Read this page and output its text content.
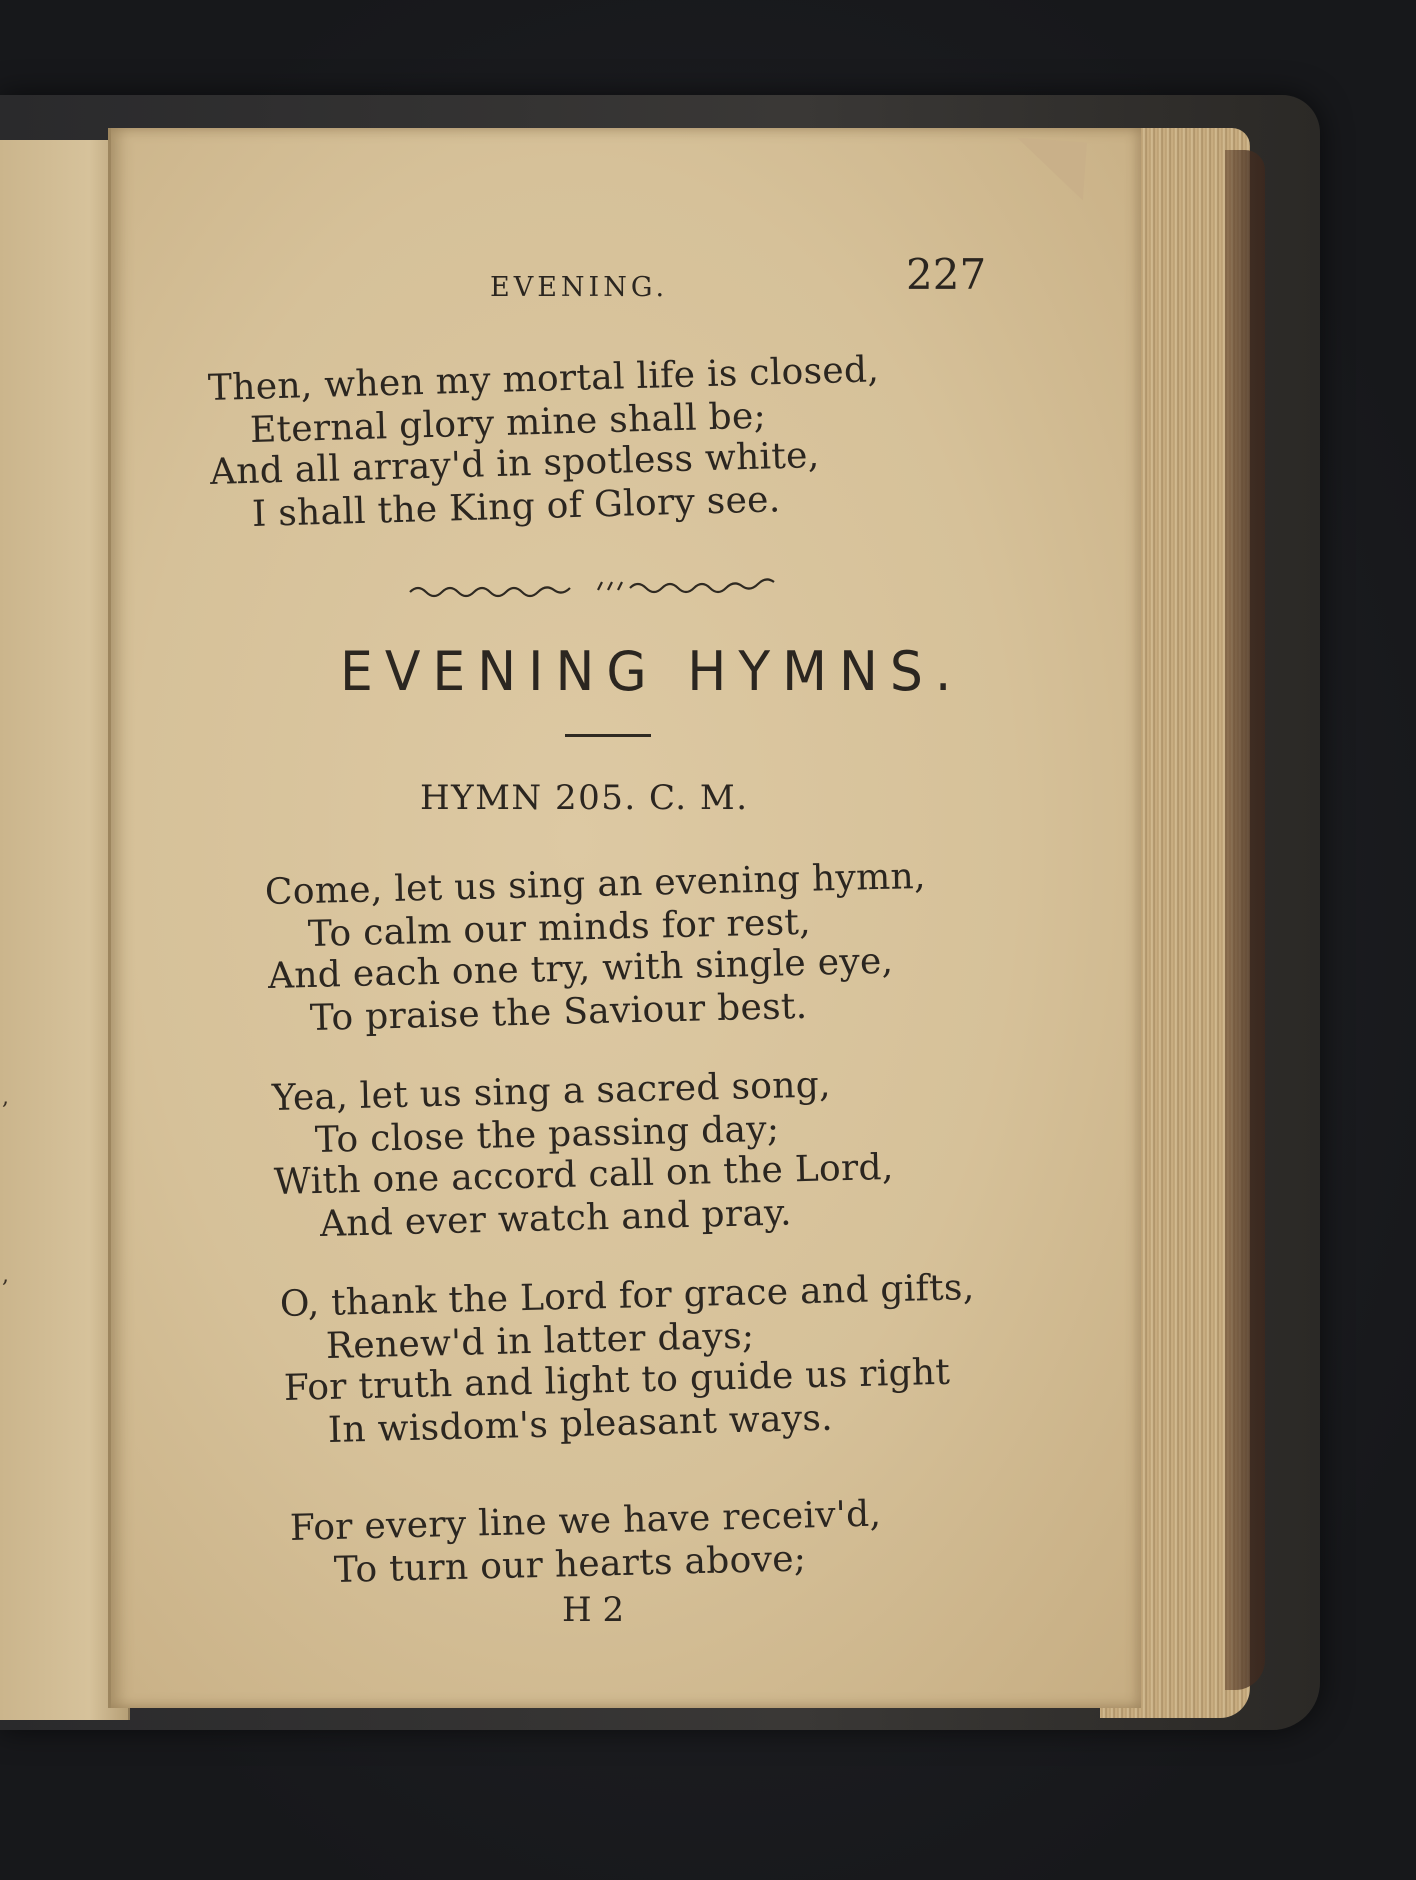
,
,
EVENING.	227
Then, when my mortal life is closed,
Eternal glory mine shall be;
And all array'd in spotless white,
I shall the King of Glory see.
EVENING HYMNS.
HYMN 205. C. M.
Come, let us sing an evening hymn,
To calm our minds for rest,
And each one try, with single eye,
To praise the Saviour best.
Yea, let us sing a sacred song,
To close the passing day;
With one accord call on the Lord,
And ever watch and pray.
O, thank the Lord for grace and gifts,
Renew'd in latter days;
For truth and light to guide us right
In wisdom's pleasant ways.
For every line we have receiv'd,
To turn our hearts above;
H 2
